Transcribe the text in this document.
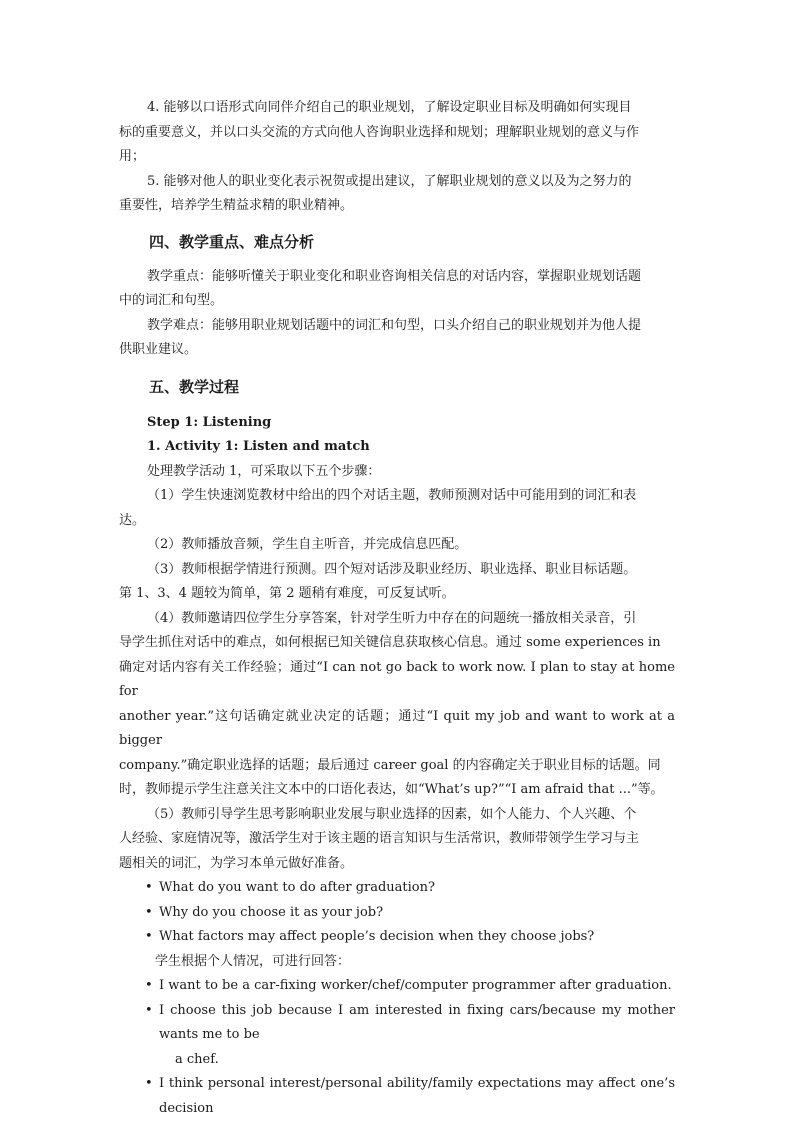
4. 能够以口语形式向同伴介绍自己的职业规划，了解设定职业目标及明确如何实现目
标的重要意义，并以口头交流的方式向他人咨询职业选择和规划；理解职业规划的意义与作
用；

5. 能够对他人的职业变化表示祝贺或提出建议，了解职业规划的意义以及为之努力的
重要性，培养学生精益求精的职业精神。

四、教学重点、难点分析

教学重点：能够听懂关于职业变化和职业咨询相关信息的对话内容，掌握职业规划话题
中的词汇和句型。

教学难点：能够用职业规划话题中的词汇和句型，口头介绍自己的职业规划并为他人提
供职业建议。

五、教学过程

Step 1: Listening

1. Activity 1: Listen and match

处理教学活动 1，可采取以下五个步骤：

（1）学生快速浏览教材中给出的四个对话主题，教师预测对话中可能用到的词汇和表
达。

（2）教师播放音频，学生自主听音，并完成信息匹配。

（3）教师根据学情进行预测。四个短对话涉及职业经历、职业选择、职业目标话题。
第 1、3、4 题较为简单，第 2 题稍有难度，可反复试听。

（4）教师邀请四位学生分享答案，针对学生听力中存在的问题统一播放相关录音，引
导学生抓住对话中的难点，如何根据已知关键信息获取核心信息。通过 some experiences in
确定对话内容有关工作经验；通过“I can not go back to work now. I plan to stay at home for
another year.”这句话确定就业决定的话题；通过“I quit my job and want to work at a bigger
company.”确定职业选择的话题；最后通过 career goal 的内容确定关于职业目标的话题。同
时，教师提示学生注意关注文本中的口语化表达，如“What’s up?”“I am afraid that ...”等。

（5）教师引导学生思考影响职业发展与职业选择的因素，如个人能力、个人兴趣、个
人经验、家庭情况等，激活学生对于该主题的语言知识与生活常识，教师带领学生学习与主
题相关的词汇，为学习本单元做好准备。

• What do you want to do after graduation?
• Why do you choose it as your job?
• What factors may affect people’s decision when they choose jobs?

学生根据个人情况，可进行回答：

• I want to be a car-fixing worker/chef/computer programmer after graduation.
• I choose this job because I am interested in fixing cars/because my mother wants me to be
a chef.
• I think personal interest/personal ability/family expectations may affect one’s decision
